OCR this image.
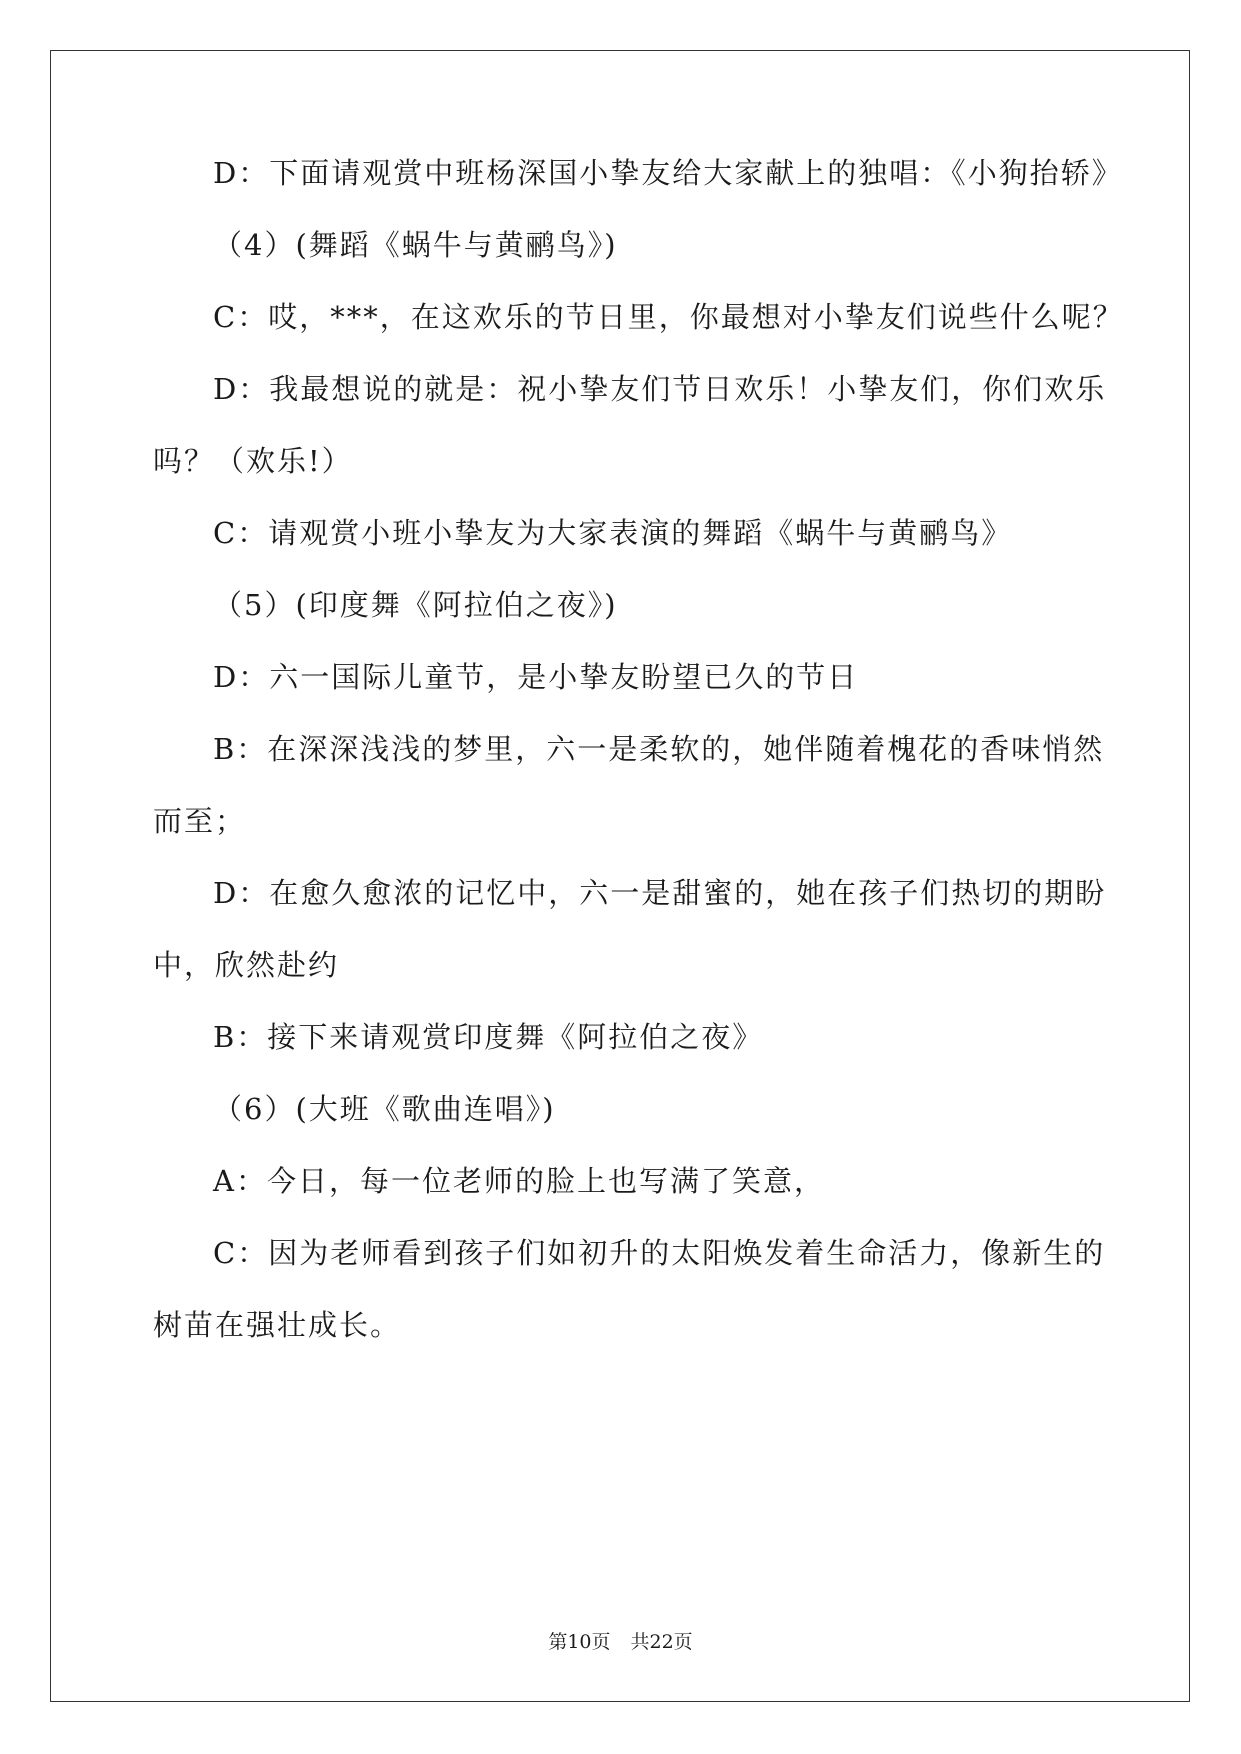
D：下面请观赏中班杨深国小挚友给大家献上的独唱：《小狗抬轿》
（4）(舞蹈《蜗牛与黄鹂鸟》)
C：哎，***，在这欢乐的节日里，你最想对小挚友们说些什么呢？
D：我最想说的就是：祝小挚友们节日欢乐！小挚友们，你们欢乐
吗？（欢乐!）
C：请观赏小班小挚友为大家表演的舞蹈《蜗牛与黄鹂鸟》
（5）(印度舞《阿拉伯之夜》)
D：六一国际儿童节，是小挚友盼望已久的节日
B：在深深浅浅的梦里，六一是柔软的，她伴随着槐花的香味悄然
而至；
D：在愈久愈浓的记忆中，六一是甜蜜的，她在孩子们热切的期盼
中，欣然赴约
B：接下来请观赏印度舞《阿拉伯之夜》
（6）(大班《歌曲连唱》)
A：今日，每一位老师的脸上也写满了笑意，
C：因为老师看到孩子们如初升的太阳焕发着生命活力，像新生的
树苗在强壮成长。
第10页 共22页
